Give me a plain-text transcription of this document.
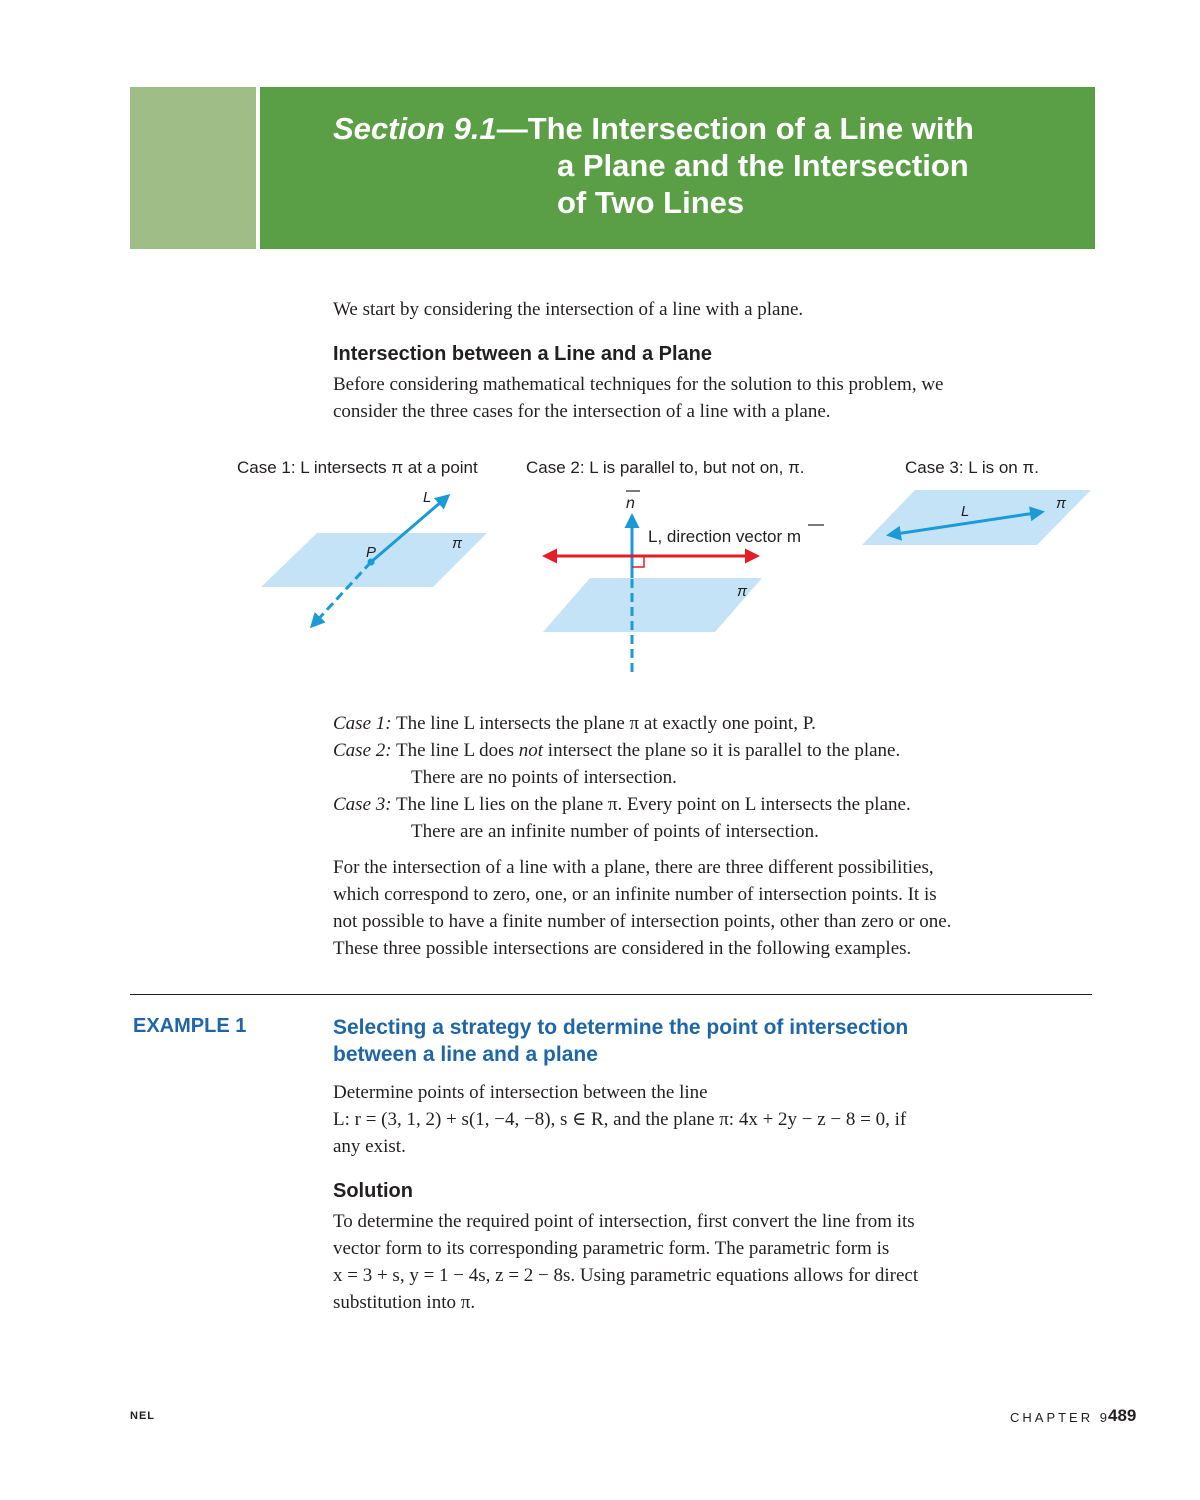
Section 9.1—The Intersection of a Line with
a Plane and the Intersection
of Two Lines
We start by considering the intersection of a line with a plane.
Intersection between a Line and a Plane
Before considering mathematical techniques for the solution to this problem, we
consider the three cases for the intersection of a line with a plane.
Case 1: L intersects π at a point	Case 2: L is parallel to, but not on, π.	Case 3: L is on π.
L
P
π
n
L, direction vector m
π
L	π
Case 1: The line L intersects the plane π at exactly one point, P.
Case 2: The line L does not intersect the plane so it is parallel to the plane.
There are no points of intersection.
Case 3: The line L lies on the plane π. Every point on L intersects the plane.
There are an infinite number of points of intersection.
For the intersection of a line with a plane, there are three different possibilities,
which correspond to zero, one, or an infinite number of intersection points. It is
not possible to have a finite number of intersection points, other than zero or one.
These three possible intersections are considered in the following examples.
EXAMPLE 1	Selecting a strategy to determine the point of intersection
between a line and a plane
Determine points of intersection between the line
L: r = (3, 1, 2) + s(1, −4, −8), s ∈ R, and the plane π: 4x + 2y − z − 8 = 0, if
any exist.
Solution
To determine the required point of intersection, first convert the line from its
vector form to its corresponding parametric form. The parametric form is
x = 3 + s, y = 1 − 4s, z = 2 − 8s. Using parametric equations allows for direct
substitution into π.
NEL	CHAPTER 9
489
